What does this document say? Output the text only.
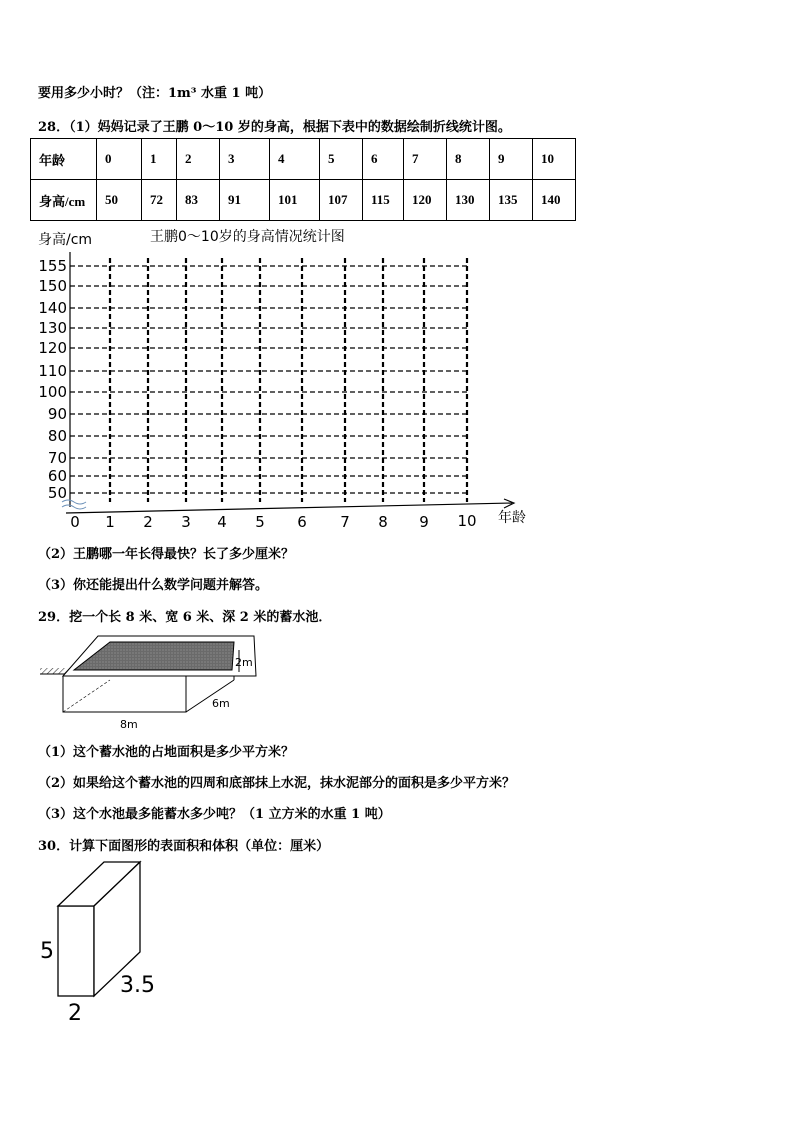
要用多少小时？（注：1m³ 水重 1 吨）
28．（1）妈妈记录了王鹏 0～10 岁的身高，根据下表中的数据绘制折线统计图。
年龄	0	1	2	3	4	5	6	7	8	9	10
身高/cm	50	72	83	91	101	107	115	120	130	135	140
身高/cm	王鹏0～10岁的身高情况统计图
年龄
50
60
70
80
90
100
110
120
130
140
150
155
0 1 2 3 4 5 6 7 8 9 10
（2）王鹏哪一年长得最快？长了多少厘米？
（3）你还能提出什么数学问题并解答。
29．挖一个长 8 米、宽 6 米、深 2 米的蓄水池．
2m
6m
8m
（1）这个蓄水池的占地面积是多少平方米？
（2）如果给这个蓄水池的四周和底部抹上水泥，抹水泥部分的面积是多少平方米？
（3）这个水池最多能蓄水多少吨？（1 立方米的水重 1 吨）
30．计算下面图形的表面积和体积（单位：厘米）
5
3.5
2
